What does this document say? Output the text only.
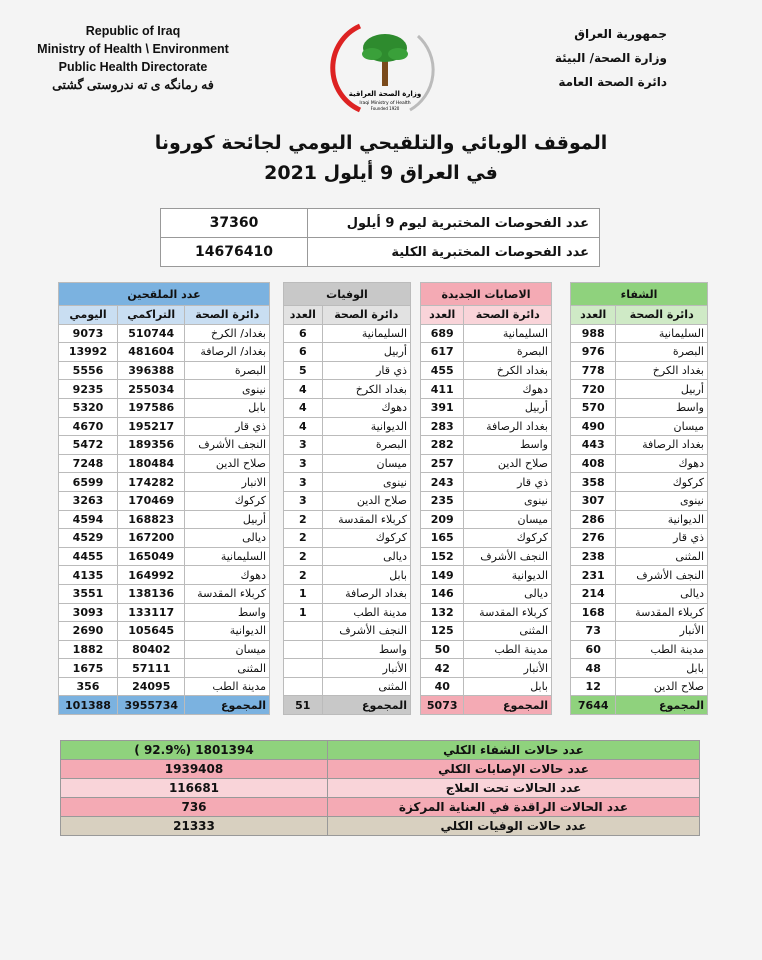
Republic of Iraq
Ministry of Health \ Environment
Public Health Directorate
فه رمانگه ی ته ندروستی گشتی
وزارة الصحة العراقية
Iraqi Ministry of Health
Founded 1920
جمهورية العراق
وزارة الصحة/ البيئة
دائرة الصحة العامة
الموقف الوبائي والتلقيحي اليومي لجائحة كورونا
في العراق 9 أيلول 2021
37360	عدد الفحوصات المختبرية ليوم 9 أيلول
14676410	عدد الفحوصات المختبرية الكلية
عدد الملقحين		
اليومي	التراكمي	دائرة الصحة
9073	510744	بغداد/ الكرخ
13992	481604	بغداد/ الرصافة
5556	396388	البصرة
9235	255034	نينوى
5320	197586	بابل
4670	195217	ذي قار
5472	189356	النجف الأشرف
7248	180484	صلاح الدين
6599	174282	الانبار
3263	170469	كركوك
4594	168823	أربيل
4529	167200	ديالى
4455	165049	السليمانية
4135	164992	دهوك
3551	138136	كربلاء المقدسة
3093	133117	واسط
2690	105645	الديوانية
1882	80402	ميسان
1675	57111	المثنى
356	24095	مدينة الطب
101388	3955734	المجموع
الوفيات	
العدد	دائرة الصحة
6	السليمانية
6	أربيل
5	ذي قار
4	بغداد الكرخ
4	دهوك
4	الديوانية
3	البصرة
3	ميسان
3	نينوى
3	صلاح الدين
2	كربلاء المقدسة
2	كركوك
2	ديالى
2	بابل
1	بغداد الرصافة
1	مدينة الطب
	النجف الأشرف
	واسط
	الأنبار
	المثنى
51	المجموع
الاصابات الجديدة	
العدد	دائرة الصحة
689	السليمانية
617	البصرة
455	بغداد الكرخ
411	دهوك
391	أربيل
283	بغداد الرصافة
282	واسط
257	صلاح الدين
243	ذي قار
235	نينوى
209	ميسان
165	كركوك
152	النجف الأشرف
149	الديوانية
146	ديالى
132	كربلاء المقدسة
125	المثنى
50	مدينة الطب
42	الأنبار
40	بابل
5073	المجموع
الشفاء	
العدد	دائرة الصحة
988	السليمانية
976	البصرة
778	بغداد الكرخ
720	أربيل
570	واسط
490	ميسان
443	بغداد الرصافة
408	دهوك
358	كركوك
307	نينوى
286	الديوانية
276	ذي قار
238	المثنى
231	النجف الأشرف
214	ديالى
168	كربلاء المقدسة
73	الأنبار
60	مدينة الطب
48	بابل
12	صلاح الدين
7644	المجموع
( 92.9%) 1801394	عدد حالات الشفاء الكلي
1939408	عدد حالات الإصابات الكلي
116681	عدد الحالات تحت العلاج
736	عدد الحالات الراقدة في العناية المركزة
21333	عدد حالات الوفيات الكلي
